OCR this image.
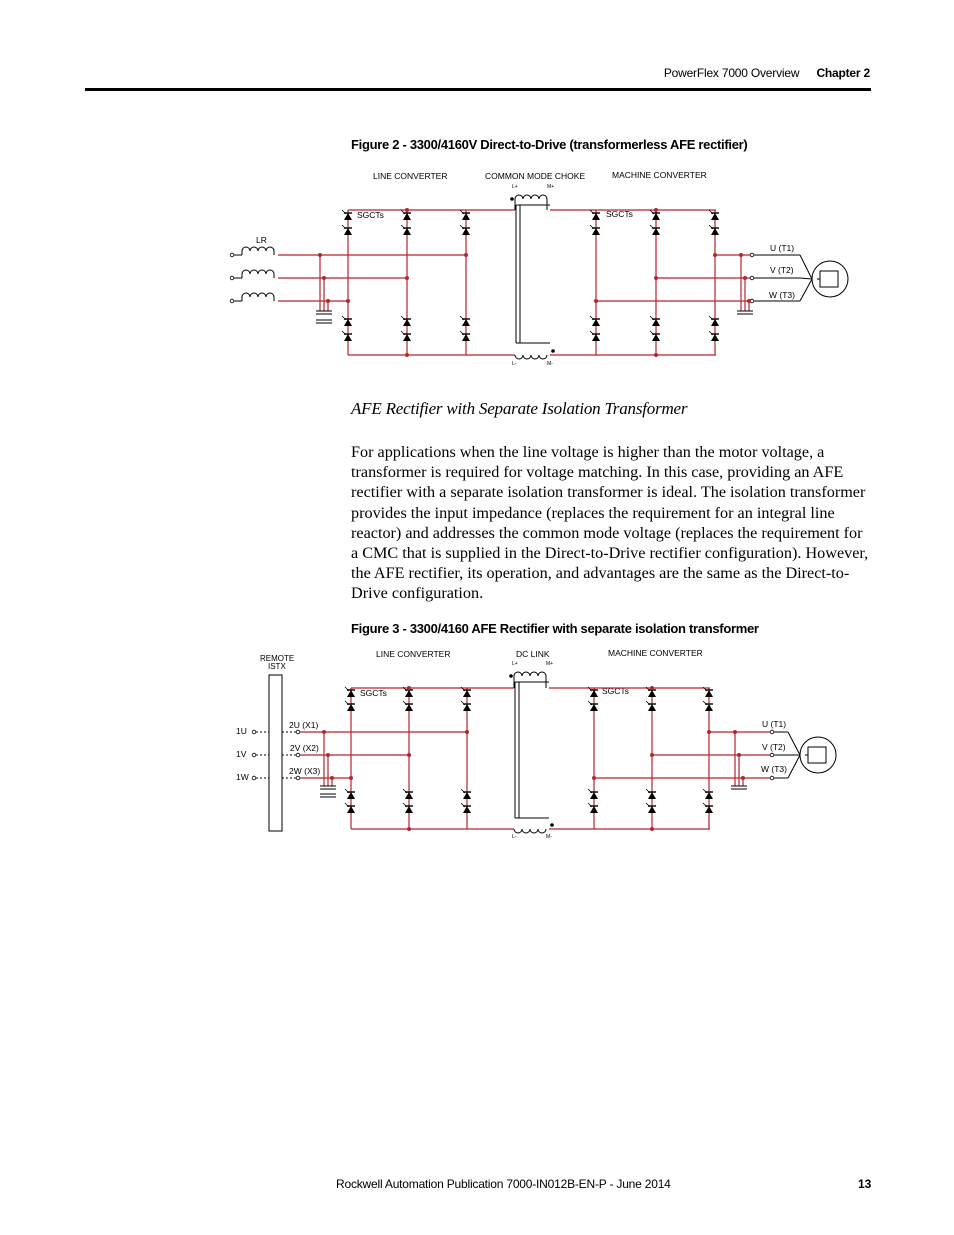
PowerFlex 7000 Overview Chapter 2
Figure 2 - 3300/4160V Direct-to-Drive (transformerless AFE rectifier)
LINE CONVERTER	COMMON MODE CHOKE	MACHINE CONVERTER
SGCTs	SGCTs
LR
U (T1)
V (T2)
W (T3)
L+	M+
L-	M-
AFE Rectifier with Separate Isolation Transformer
For applications when the line voltage is higher than the motor voltage, a transformer is required for voltage matching. In this case, providing an AFE rectifier with a separate isolation transformer is ideal. The isolation transformer provides the input impedance (replaces the requirement for an integral line reactor) and addresses the common mode voltage (replaces the requirement for a CMC that is supplied in the Direct-to-Drive rectifier configuration). However, the AFE rectifier, its operation, and advantages are the same as the Direct-to-Drive configuration.
Figure 3 - 3300/4160 AFE Rectifier with separate isolation transformer
REMOTE
ISTX
LINE CONVERTER	DC LINK	MACHINE CONVERTER
SGCTs	SGCTs
1U
1V
1W
2U (X1)
2V (X2)
2W (X3)
U (T1)
V (T2)
W (T3)
L+	M+
L-	M-
Rockwell Automation Publication 7000-IN012B-EN-P - June 2014	13
